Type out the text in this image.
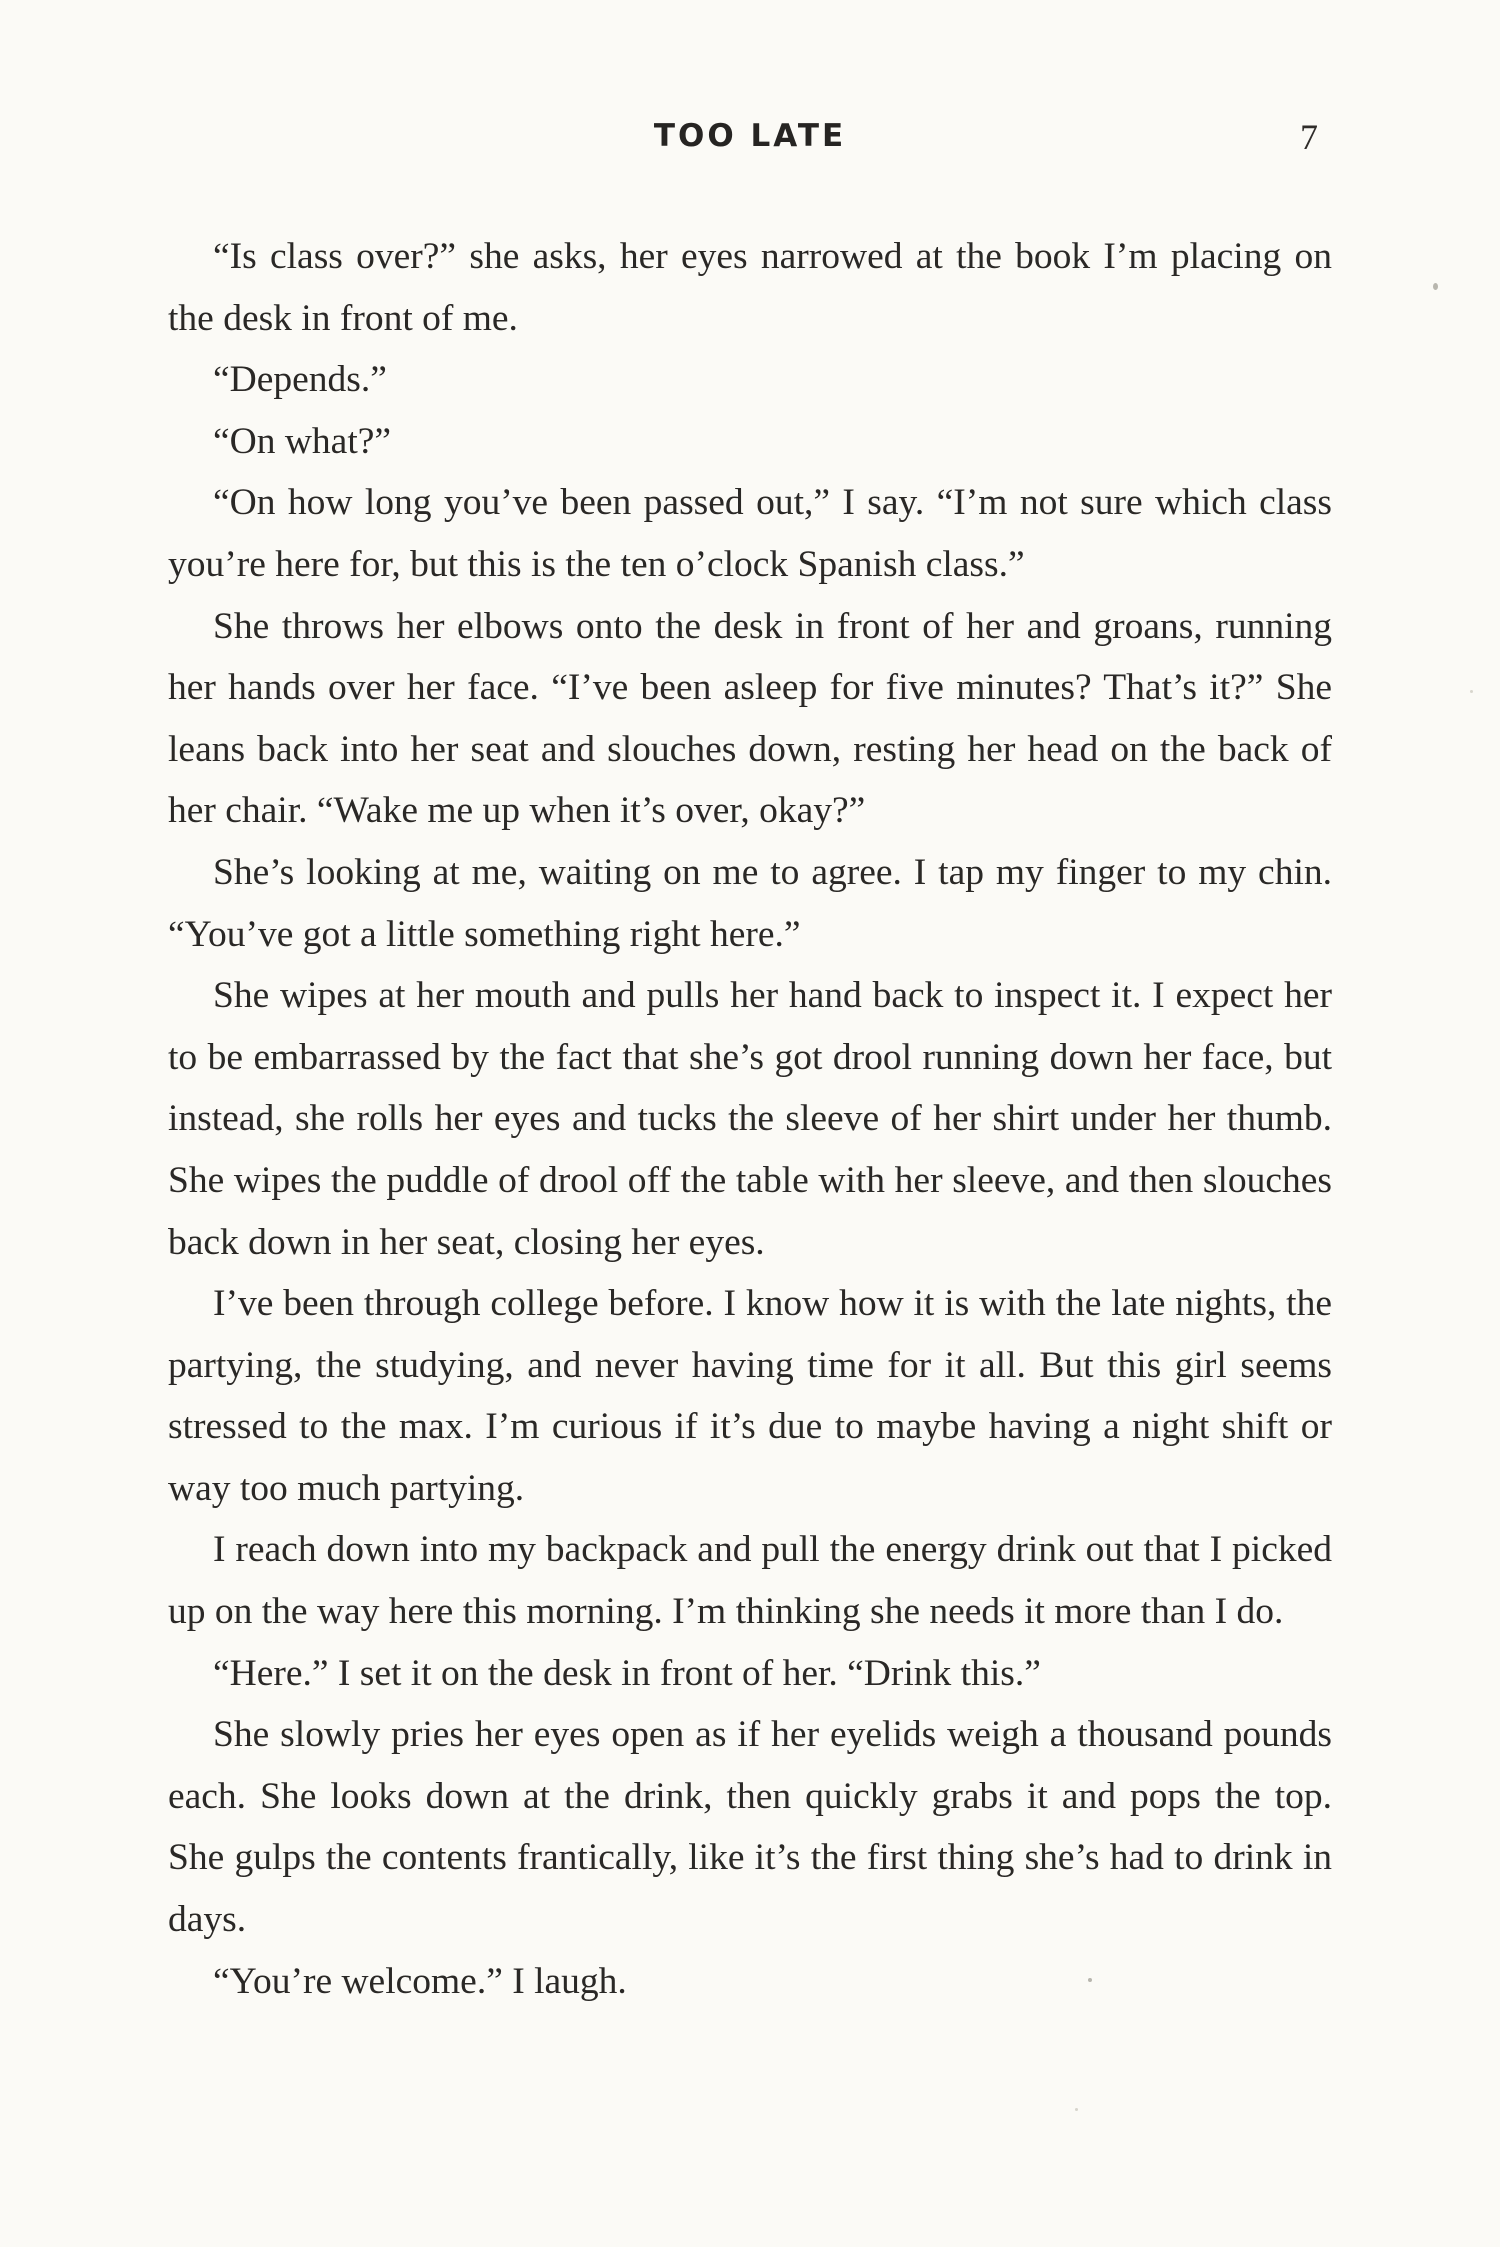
TOO LATE	7

“Is class over?” she asks, her eyes narrowed at the book I’m placing on the desk in front of me.

“Depends.”

“On what?”

“On how long you’ve been passed out,” I say. “I’m not sure which class you’re here for, but this is the ten o’clock Spanish class.”

She throws her elbows onto the desk in front of her and groans, running her hands over her face. “I’ve been asleep for five minutes? That’s it?” She leans back into her seat and slouches down, resting her head on the back of her chair. “Wake me up when it’s over, okay?”

She’s looking at me, waiting on me to agree. I tap my finger to my chin. “You’ve got a little something right here.”

She wipes at her mouth and pulls her hand back to inspect it. I expect her to be embarrassed by the fact that she’s got drool running down her face, but instead, she rolls her eyes and tucks the sleeve of her shirt under her thumb. She wipes the puddle of drool off the table with her sleeve, and then slouches back down in her seat, closing her eyes.

I’ve been through college before. I know how it is with the late nights, the partying, the studying, and never having time for it all. But this girl seems stressed to the max. I’m curious if it’s due to maybe having a night shift or way too much partying.

I reach down into my backpack and pull the energy drink out that I picked up on the way here this morning. I’m thinking she needs it more than I do.

“Here.” I set it on the desk in front of her. “Drink this.”

She slowly pries her eyes open as if her eyelids weigh a thousand pounds each. She looks down at the drink, then quickly grabs it and pops the top. She gulps the contents frantically, like it’s the first thing she’s had to drink in days.

“You’re welcome.” I laugh.
